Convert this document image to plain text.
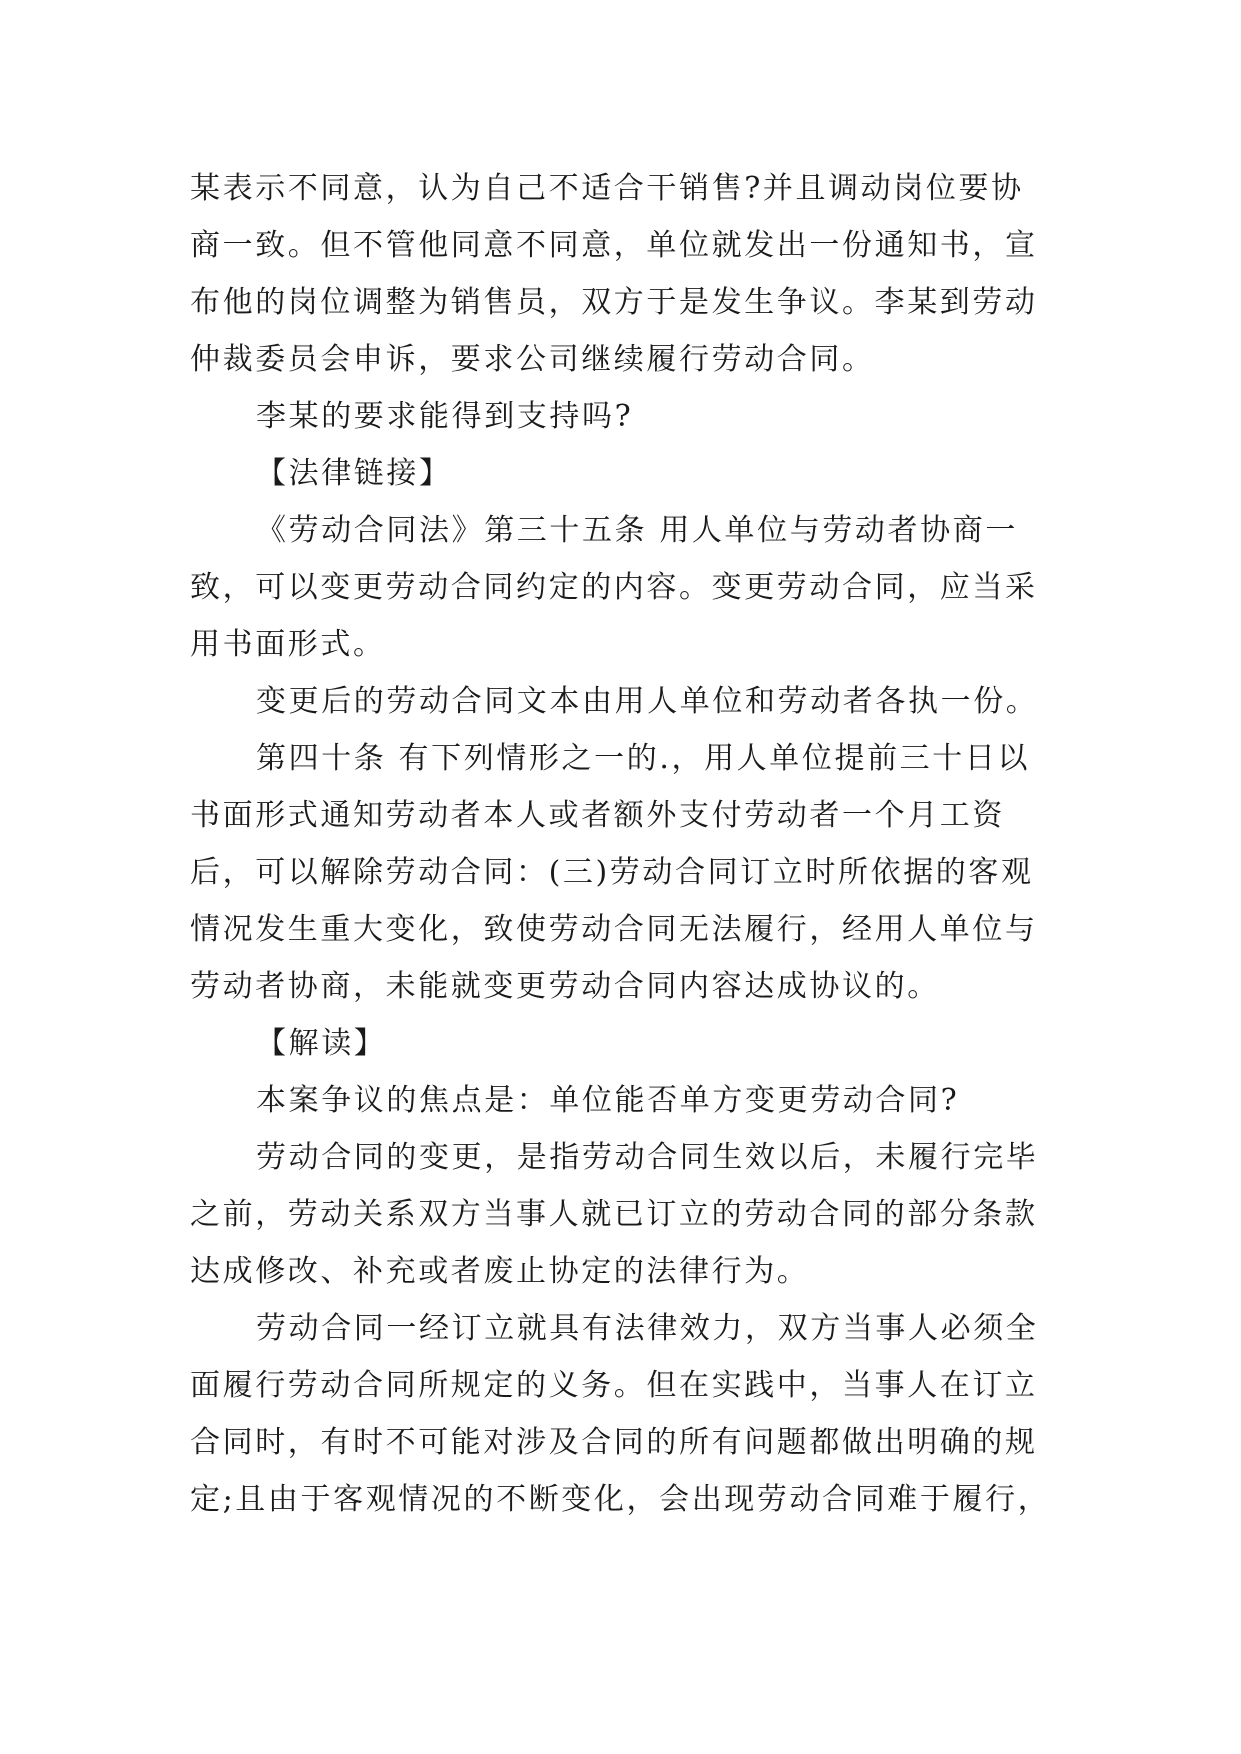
某表示不同意，认为自己不适合干销售?并且调动岗位要协
商一致。但不管他同意不同意，单位就发出一份通知书，宣
布他的岗位调整为销售员，双方于是发生争议。李某到劳动
仲裁委员会申诉，要求公司继续履行劳动合同。
李某的要求能得到支持吗?
【法律链接】
《劳动合同法》第三十五条 用人单位与劳动者协商一
致，可以变更劳动合同约定的内容。变更劳动合同，应当采
用书面形式。
变更后的劳动合同文本由用人单位和劳动者各执一份。
第四十条 有下列情形之一的.，用人单位提前三十日以
书面形式通知劳动者本人或者额外支付劳动者一个月工资
后，可以解除劳动合同：(三)劳动合同订立时所依据的客观
情况发生重大变化，致使劳动合同无法履行，经用人单位与
劳动者协商，未能就变更劳动合同内容达成协议的。
【解读】
本案争议的焦点是：单位能否单方变更劳动合同?
劳动合同的变更，是指劳动合同生效以后，未履行完毕
之前，劳动关系双方当事人就已订立的劳动合同的部分条款
达成修改、补充或者废止协定的法律行为。
劳动合同一经订立就具有法律效力，双方当事人必须全
面履行劳动合同所规定的义务。但在实践中，当事人在订立
合同时，有时不可能对涉及合同的所有问题都做出明确的规
定;且由于客观情况的不断变化，会出现劳动合同难于履行，
